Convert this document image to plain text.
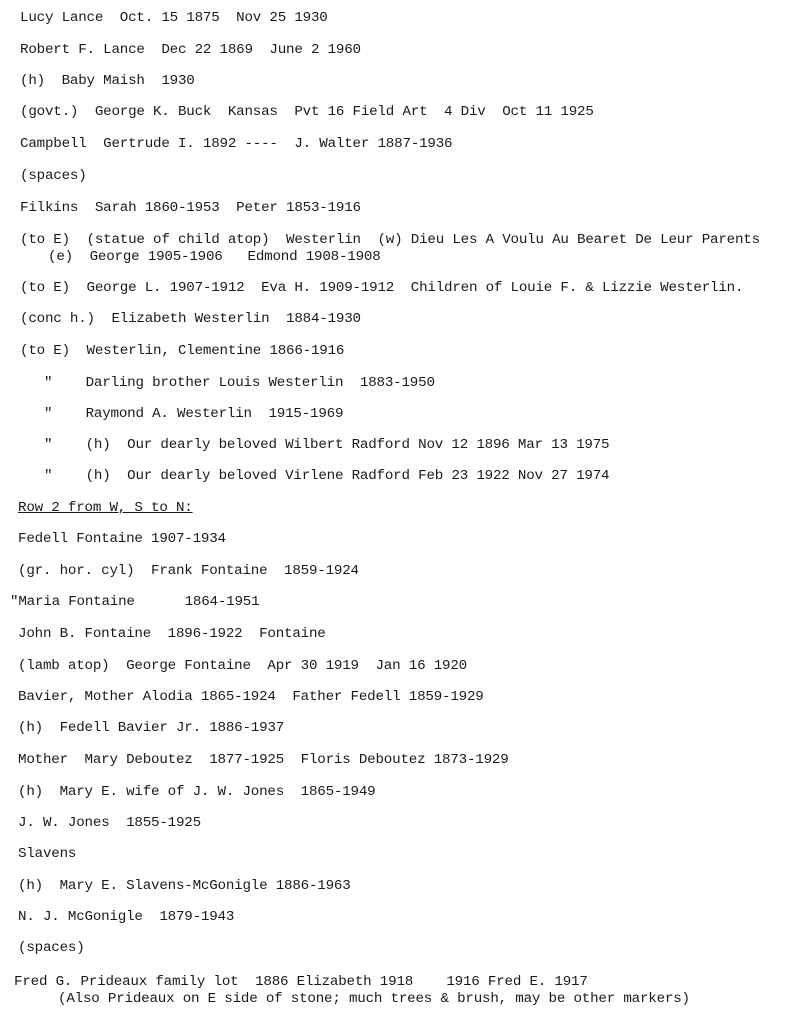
Lucy Lance  Oct. 15 1875  Nov 25 1930
Robert F. Lance  Dec 22 1869  June 2 1960
(h)  Baby Maish  1930
(govt.)  George K. Buck  Kansas  Pvt 16 Field Art  4 Div  Oct 11 1925
Campbell  Gertrude I. 1892 ----  J. Walter 1887-1936
(spaces)
Filkins  Sarah 1860-1953  Peter 1853-1916
(to E)  (statue of child atop)  Westerlin  (w) Dieu Les A Voulu Au Bearet De Leur Parents
(e)  George 1905-1906   Edmond 1908-1908
(to E)  George L. 1907-1912  Eva H. 1909-1912  Children of Louie F. & Lizzie Westerlin.
(conc h.)  Elizabeth Westerlin  1884-1930
(to E)  Westerlin, Clementine 1866-1916
"    Darling brother Louis Westerlin  1883-1950
"    Raymond A. Westerlin  1915-1969
"    (h)  Our dearly beloved Wilbert Radford Nov 12 1896 Mar 13 1975
"    (h)  Our dearly beloved Virlene Radford Feb 23 1922 Nov 27 1974
Row 2 from W, S to N:
Fedell Fontaine 1907-1934
(gr. hor. cyl)  Frank Fontaine  1859-1924
"Maria Fontaine      1864-1951
John B. Fontaine  1896-1922  Fontaine
(lamb atop)  George Fontaine  Apr 30 1919  Jan 16 1920
Bavier, Mother Alodia 1865-1924  Father Fedell 1859-1929
(h)  Fedell Bavier Jr. 1886-1937
Mother  Mary Deboutez  1877-1925  Floris Deboutez 1873-1929
(h)  Mary E. wife of J. W. Jones  1865-1949
J. W. Jones  1855-1925
Slavens
(h)  Mary E. Slavens-McGonigle 1886-1963
N. J. McGonigle  1879-1943
(spaces)
Fred G. Prideaux family lot  1886 Elizabeth 1918    1916 Fred E. 1917
(Also Prideaux on E side of stone; much trees & brush, may be other markers)
